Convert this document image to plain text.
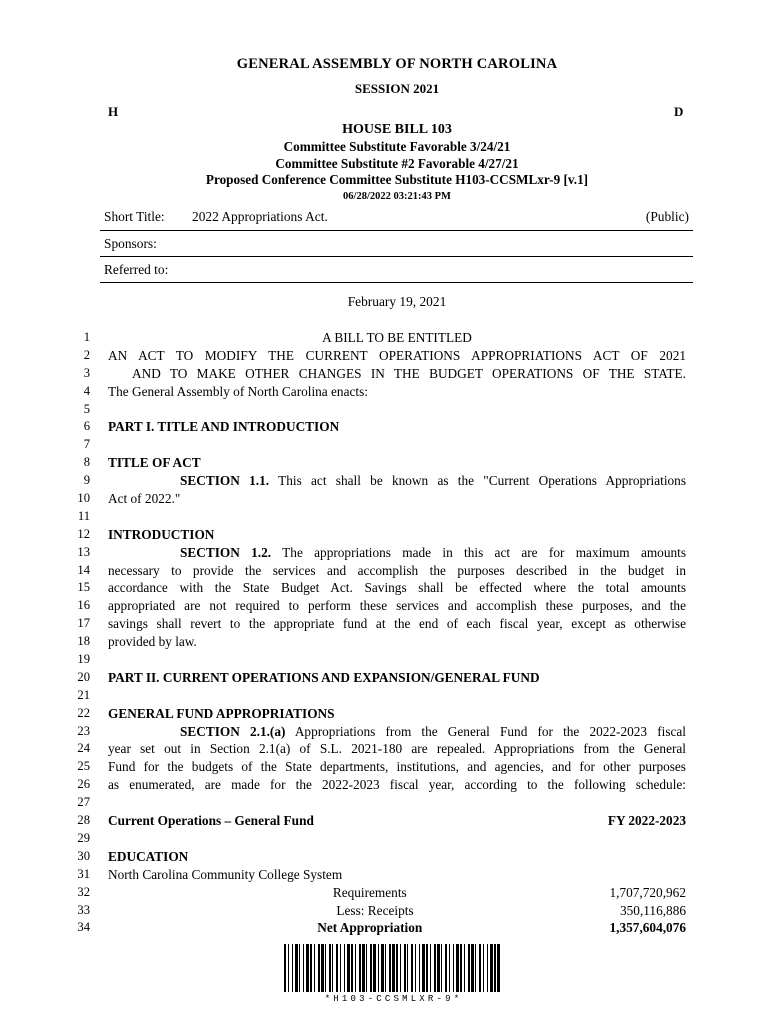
GENERAL ASSEMBLY OF NORTH CAROLINA
SESSION 2021
H	D
HOUSE BILL 103
Committee Substitute Favorable 3/24/21
Committee Substitute #2 Favorable 4/27/21
Proposed Conference Committee Substitute H103-CCSMLxr-9 [v.1]
06/28/2022 03:21:43 PM
Short Title:	2022 Appropriations Act.	(Public)
Sponsors:
Referred to:
February 19, 2021
1	A BILL TO BE ENTITLED
2 AN ACT TO MODIFY THE CURRENT OPERATIONS APPROPRIATIONS ACT OF 2021
3	AND TO MAKE OTHER CHANGES IN THE BUDGET OPERATIONS OF THE STATE.
4 The General Assembly of North Carolina enacts:
5
6 PART I. TITLE AND INTRODUCTION
7
8 TITLE OF ACT
9	SECTION 1.1. This act shall be known as the "Current Operations Appropriations
10 Act of 2022."
11
12 INTRODUCTION
13	SECTION 1.2. The appropriations made in this act are for maximum amounts
14 necessary to provide the services and accomplish the purposes described in the budget in
15 accordance with the State Budget Act. Savings shall be effected where the total amounts
16 appropriated are not required to perform these services and accomplish these purposes, and the
17 savings shall revert to the appropriate fund at the end of each fiscal year, except as otherwise
18 provided by law.
19
20 PART II. CURRENT OPERATIONS AND EXPANSION/GENERAL FUND
21
22 GENERAL FUND APPROPRIATIONS
23	SECTION 2.1.(a) Appropriations from the General Fund for the 2022-2023 fiscal
24 year set out in Section 2.1(a) of S.L. 2021-180 are repealed. Appropriations from the General
25 Fund for the budgets of the State departments, institutions, and agencies, and for other purposes
26 as enumerated, are made for the 2022-2023 fiscal year, according to the following schedule:
27
28 Current Operations – General Fund	FY 2022-2023
29
30 EDUCATION
31 North Carolina Community College System
32	Requirements	1,707,720,962
33	Less: Receipts	350,116,886
34	Net Appropriation	1,357,604,076
*H103-CCSMLXR-9*
